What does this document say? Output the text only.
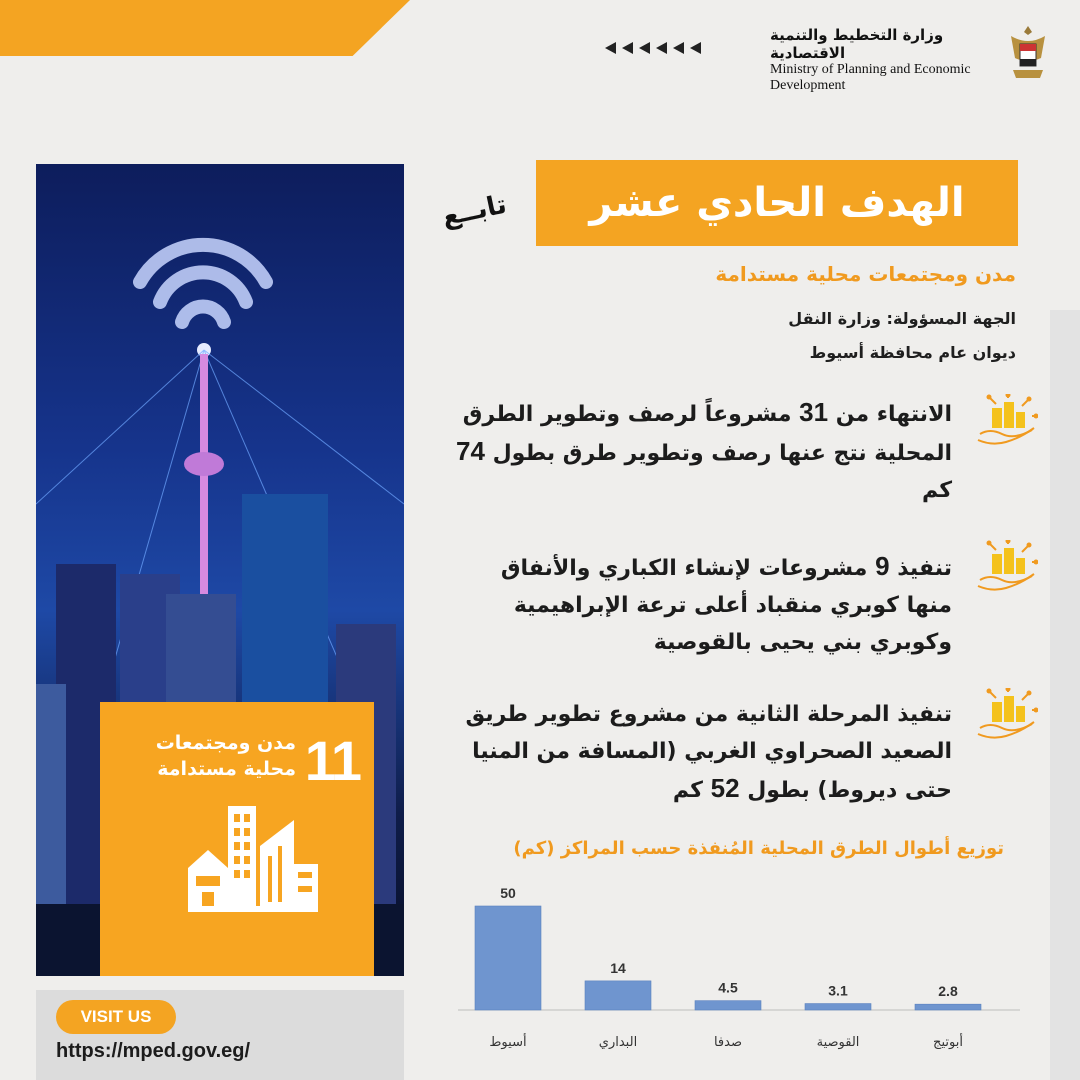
وزارة التخطيط والتنمية الاقتصادية
Ministry of Planning and Economic
Development
11
مدن ومجتمعات
محلية مستدامة
VISIT US
https://mped.gov.eg/
الهدف الحادي عشر
تابــع
مدن ومجتمعات محلية مستدامة
الجهة المسؤولة: وزارة النقل
ديوان عام محافظة أسيوط
الانتهاء من 31 مشروعاً لرصف وتطوير الطرق المحلية نتج عنها رصف وتطوير طرق بطول 74 كم
تنفيذ 9 مشروعات لإنشاء الكباري والأنفاق منها كوبري منقباد أعلى ترعة الإبراهيمية وكوبري بني يحيى بالقوصية
تنفيذ المرحلة الثانية من مشروع تطوير طريق الصعيد الصحراوي الغربي (المسافة من المنيا حتى ديروط) بطول 52 كم
توزيع أطوال الطرق المحلية المُنفذة حسب المراكز (كم)
50
أسيوط
14
البداري
4.5
صدفا
3.1
القوصية
2.8
أبوتيج
